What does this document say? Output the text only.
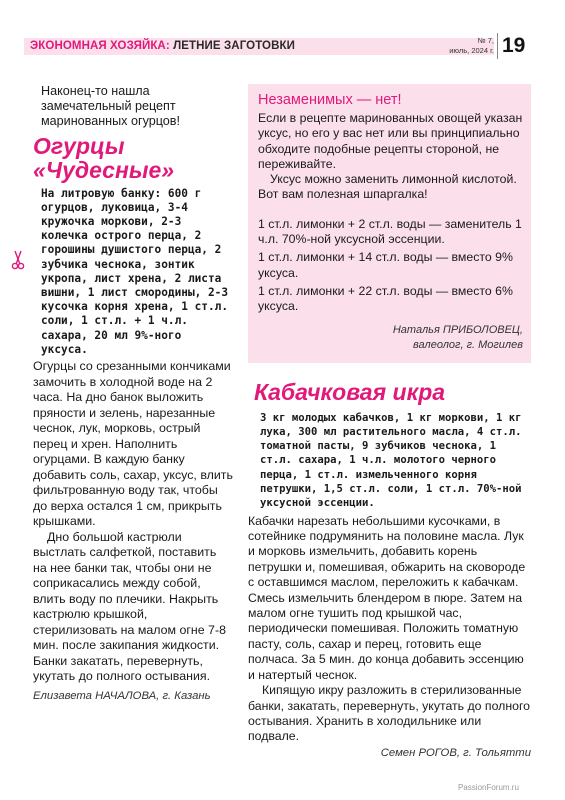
ЭКОНОМНАЯ ХОЗЯЙКА: ЛЕТНИЕ ЗАГОТОВКИ	№ 7,
июль, 2024 г. 19

Наконец-то нашла замечательный рецепт маринованных огурцов!

Огурцы
«Чудесные»

На литровую банку: 600 г огурцов, луковица, 3-4 кружочка моркови, 2-3 колечка острого перца, 2 горошины душистого перца, 2 зубчика чеснока, зонтик укропа, лист хрена, 2 листа вишни, 1 лист смородины, 2-3 кусочка корня хрена, 1 ст.л. соли, 1 ст.л. + 1 ч.л. сахара, 20 мл 9%-ного уксуса.

Огурцы со срезанными кончиками замочить в холодной воде на 2 часа. На дно банок выложить пряности и зелень, нарезанные чеснок, лук, морковь, острый перец и хрен. Наполнить огурцами. В каждую банку добавить соль, сахар, уксус, влить фильтрованную воду так, чтобы до верха остался 1 см, прикрыть крышками.

Дно большой кастрюли выстлать салфеткой, поставить на нее банки так, чтобы они не соприкасались между собой, влить воду по плечики. Накрыть кастрюлю крышкой, стерилизовать на малом огне 7-8 мин. после закипания жидкости. Банки закатать, перевернуть, укутать до полного остывания.

Елизавета НАЧАЛОВА, г. Казань

Незаменимых — нет!

Если в рецепте маринованных овощей указан уксус, но его у вас нет или вы принципиально обходите подобные рецепты стороной, не переживайте.

Уксус можно заменить лимонной кислотой. Вот вам полезная шпаргалка!

1 ст.л. лимонки + 2 ст.л. воды — заменитель 1 ч.л. 70%-ной уксусной эссенции.

1 ст.л. лимонки + 14 ст.л. воды — вместо 9% уксуса.

1 ст.л. лимонки + 22 ст.л. воды — вместо 6% уксуса.

Наталья ПРИБОЛОВЕЦ,
валеолог, г. Могилев
Кабачковая икра

3 кг молодых кабачков, 1 кг моркови, 1 кг лука, 300 мл растительного масла, 4 ст.л. томатной пасты, 9 зубчиков чеснока, 1 ст.л. сахара, 1 ч.л. молотого черного перца, 1 ст.л. измельченного корня петрушки, 1,5 ст.л. соли, 1 ст.л. 70%-ной уксусной эссенции.

Кабачки нарезать небольшими кусочками, в сотейнике подрумянить на половине масла. Лук и морковь измельчить, добавить корень петрушки и, помешивая, обжарить на сковороде с оставшимся маслом, переложить к кабачкам. Смесь измельчить блендером в пюре. Затем на малом огне тушить под крышкой час, периодически помешивая. Положить томатную пасту, соль, сахар и перец, готовить еще полчаса. За 5 мин. до конца добавить эссенцию и натертый чеснок.

Кипящую икру разложить в стерилизованные банки, закатать, перевернуть, укутать до полного остывания. Хранить в холодильнике или подвале.

Семен РОГОВ, г. Тольятти

PassionForum.ru
